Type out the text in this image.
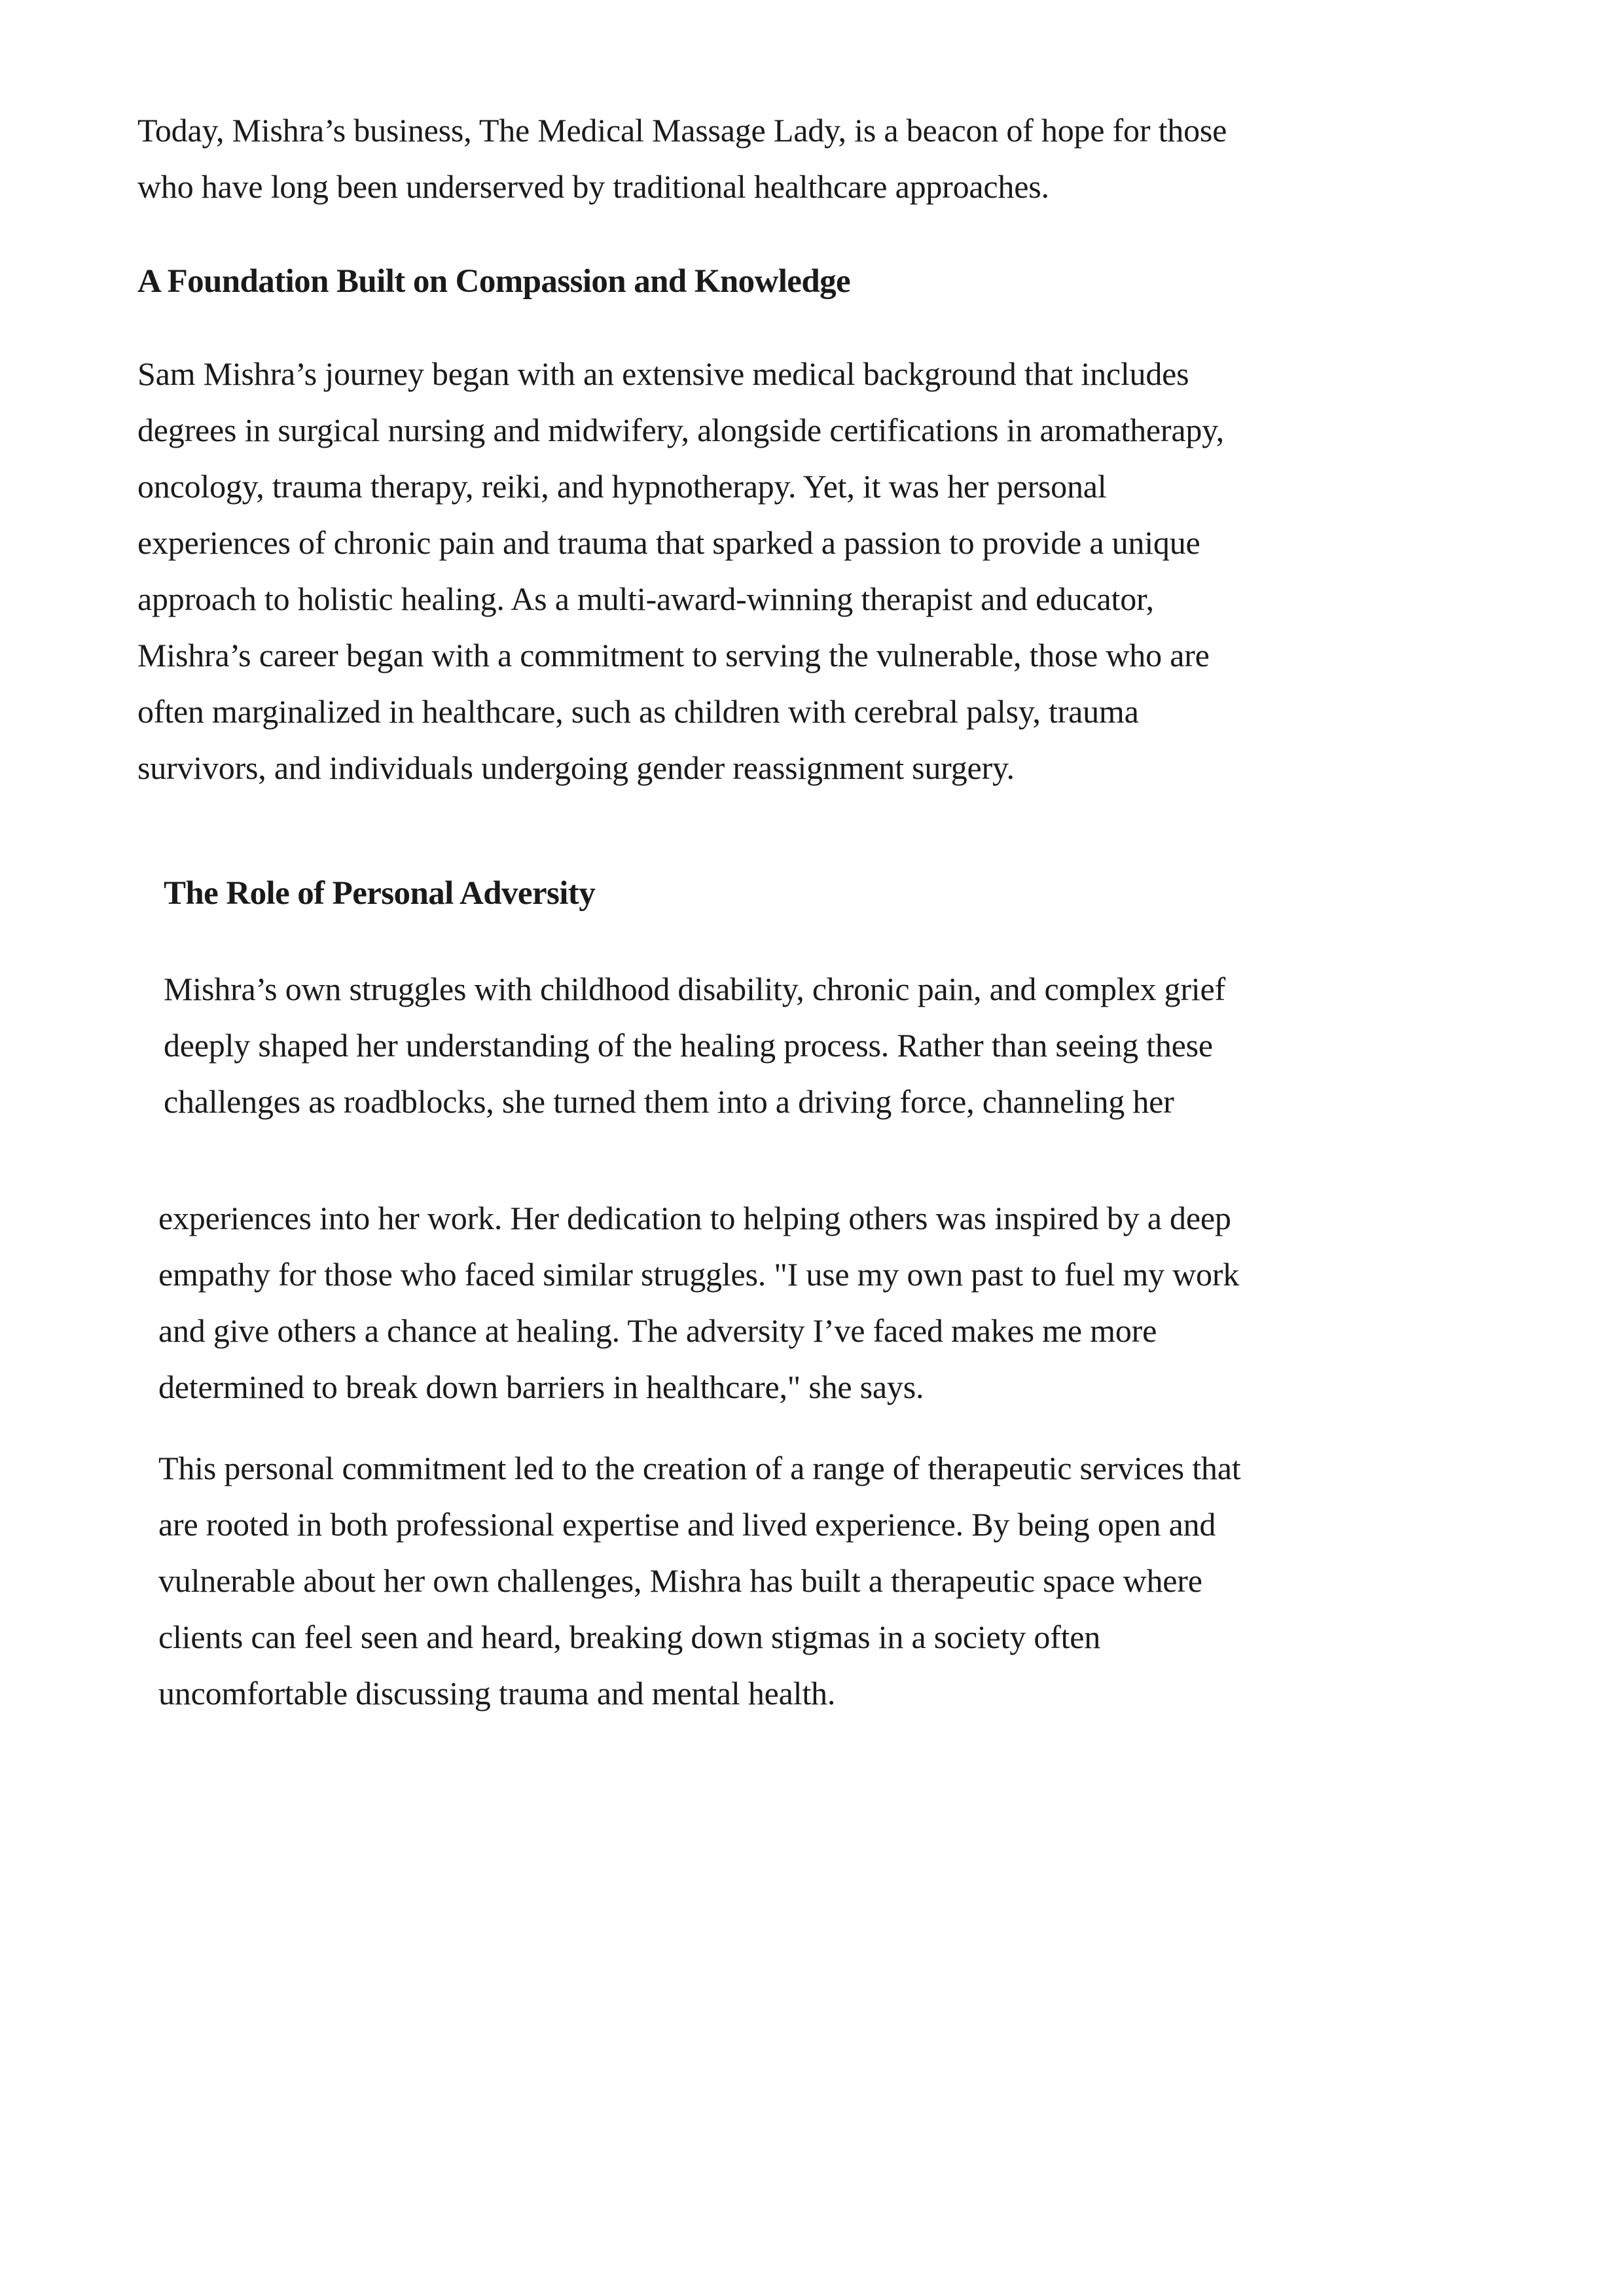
Today, Mishra’s business, The Medical Massage Lady, is a beacon of hope for those
who have long been underserved by traditional healthcare approaches.

A Foundation Built on Compassion and Knowledge

Sam Mishra’s journey began with an extensive medical background that includes
degrees in surgical nursing and midwifery, alongside certifications in aromatherapy,
oncology, trauma therapy, reiki, and hypnotherapy. Yet, it was her personal
experiences of chronic pain and trauma that sparked a passion to provide a unique
approach to holistic healing. As a multi-award-winning therapist and educator,
Mishra’s career began with a commitment to serving the vulnerable, those who are
often marginalized in healthcare, such as children with cerebral palsy, trauma
survivors, and individuals undergoing gender reassignment surgery.

The Role of Personal Adversity

Mishra’s own struggles with childhood disability, chronic pain, and complex grief
deeply shaped her understanding of the healing process. Rather than seeing these
challenges as roadblocks, she turned them into a driving force, channeling her

experiences into her work. Her dedication to helping others was inspired by a deep
empathy for those who faced similar struggles. "I use my own past to fuel my work
and give others a chance at healing. The adversity I’ve faced makes me more
determined to break down barriers in healthcare," she says.

This personal commitment led to the creation of a range of therapeutic services that
are rooted in both professional expertise and lived experience. By being open and
vulnerable about her own challenges, Mishra has built a therapeutic space where
clients can feel seen and heard, breaking down stigmas in a society often
uncomfortable discussing trauma and mental health.
